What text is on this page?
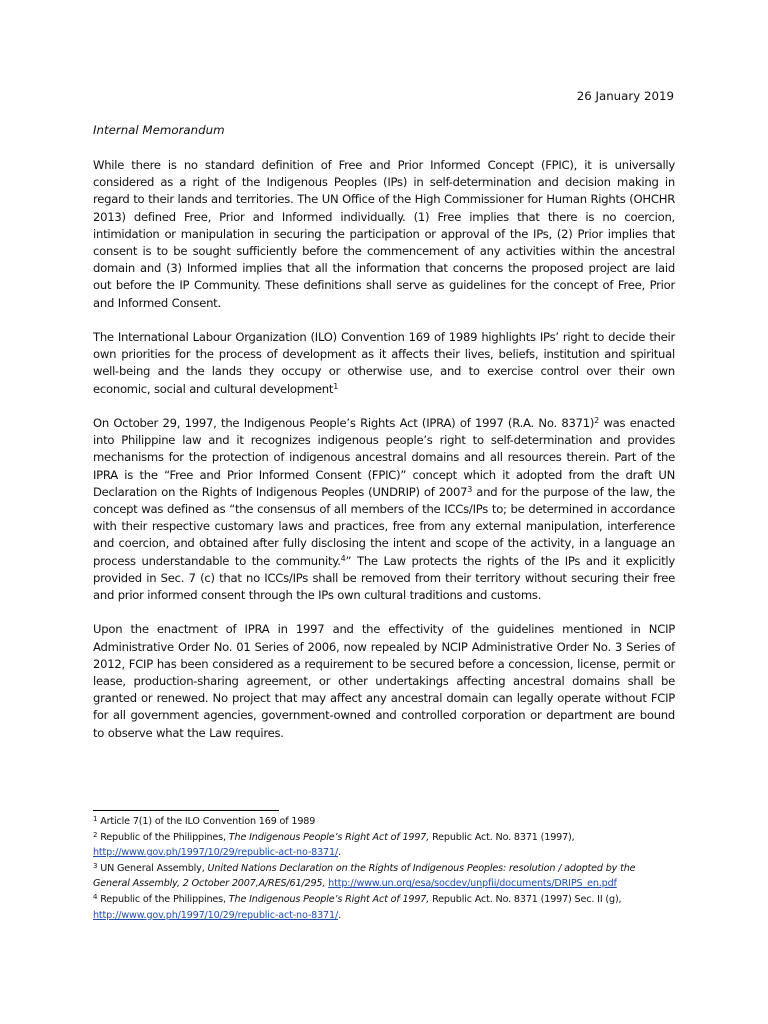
26 January 2019
Internal Memorandum

While there is no standard definition of Free and Prior Informed Concept (FPIC), it is universally considered as a right of the Indigenous Peoples (IPs) in self-determination and decision making in regard to their lands and territories. The UN Office of the High Commissioner for Human Rights (OHCHR 2013) defined Free, Prior and Informed individually. (1) Free implies that there is no coercion, intimidation or manipulation in securing the participation or approval of the IPs, (2) Prior implies that consent is to be sought sufficiently before the commencement of any activities within the ancestral domain and (3) Informed implies that all the information that concerns the proposed project are laid out before the IP Community. These definitions shall serve as guidelines for the concept of Free, Prior and Informed Consent.

The International Labour Organization (ILO) Convention 169 of 1989 highlights IPs’ right to decide their own priorities for the process of development as it affects their lives, beliefs, institution and spiritual well-being and the lands they occupy or otherwise use, and to exercise control over their own economic, social and cultural development$^1$

On October 29, 1997, the Indigenous People’s Rights Act (IPRA) of 1997 (R.A. No. 8371)$^2$ was enacted into Philippine law and it recognizes indigenous people’s right to self-determination and provides mechanisms for the protection of indigenous ancestral domains and all resources therein. Part of the IPRA is the “Free and Prior Informed Consent (FPIC)” concept which it adopted from the draft UN Declaration on the Rights of Indigenous Peoples (UNDRIP) of 2007$^3$ and for the purpose of the law, the concept was defined as “the consensus of all members of the ICCs/IPs to; be determined in accordance with their respective customary laws and practices, free from any external manipulation, interference and coercion, and obtained after fully disclosing the intent and scope of the activity, in a language an process understandable to the community.$^4$” The Law protects the rights of the IPs and it explicitly provided in Sec. 7 (c) that no ICCs/IPs shall be removed from their territory without securing their free and prior informed consent through the IPs own cultural traditions and customs.

Upon the enactment of IPRA in 1997 and the effectivity of the guidelines mentioned in NCIP Administrative Order No. 01 Series of 2006, now repealed by NCIP Administrative Order No. 3 Series of 2012, FCIP has been considered as a requirement to be secured before a concession, license, permit or lease, production-sharing agreement, or other undertakings affecting ancestral domains shall be granted or renewed. No project that may affect any ancestral domain can legally operate without FCIP for all government agencies, government-owned and controlled corporation or department are bound to observe what the Law requires.

$^1$ Article 7(1) of the ILO Convention 169 of 1989

$^2$ Republic of the Philippines, The Indigenous People’s Right Act of 1997, Republic Act. No. 8371 (1997), http://www.gov.ph/1997/10/29/republic-act-no-8371/.

$^3$ UN General Assembly, United Nations Declaration on the Rights of Indigenous Peoples: resolution / adopted by the General Assembly, 2 October 2007,A/RES/61/295, http://www.un.org/esa/socdev/unpfii/documents/DRIPS_en.pdf

$^4$ Republic of the Philippines, The Indigenous People’s Right Act of 1997, Republic Act. No. 8371 (1997) Sec. II (g), http://www.gov.ph/1997/10/29/republic-act-no-8371/.
